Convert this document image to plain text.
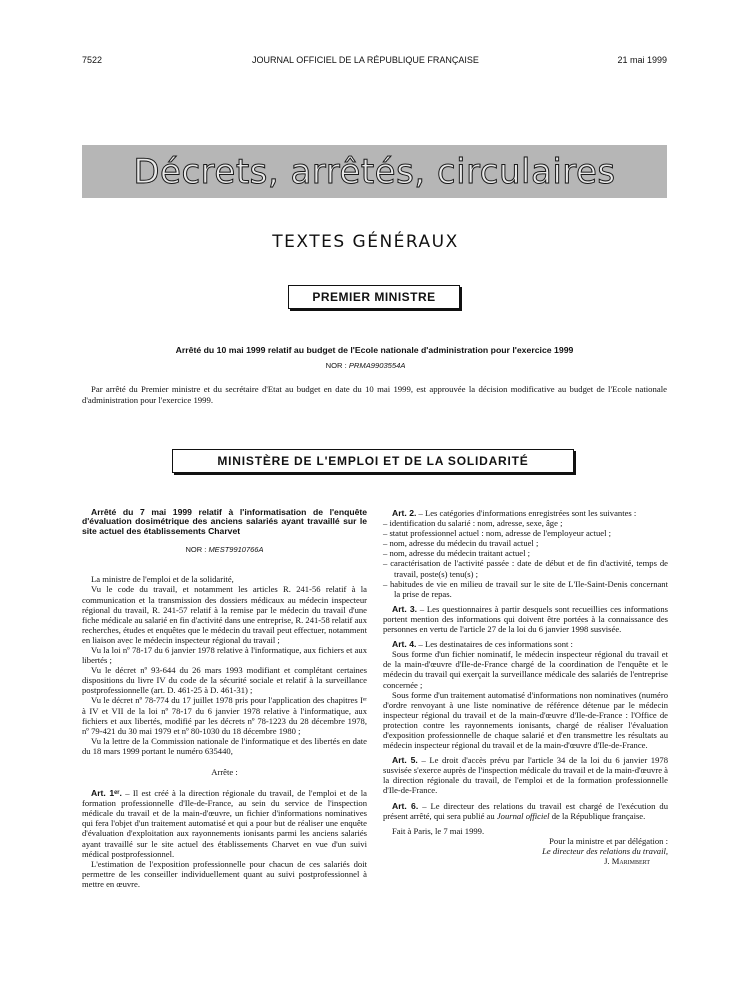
7522	JOURNAL OFFICIEL DE LA RÉPUBLIQUE FRANÇAISE	21 mai 1999
Décrets, arrêtés, circulaires
TEXTES GÉNÉRAUX
PREMIER MINISTRE
Arrêté du 10 mai 1999 relatif au budget de l'Ecole nationale d'administration pour l'exercice 1999
NOR : PRMA9903554A

Par arrêté du Premier ministre et du secrétaire d'Etat au budget en date du 10 mai 1999, est approuvée la décision modificative au budget de l'Ecole nationale d'administration pour l'exercice 1999.

MINISTÈRE DE L'EMPLOI ET DE LA SOLIDARITÉ

Arrêté du 7 mai 1999 relatif à l'informatisation de l'enquête d'évaluation dosimétrique des anciens salariés ayant travaillé sur le site actuel des établissements Charvet

NOR : MEST9910766A

La ministre de l'emploi et de la solidarité,

Vu le code du travail, et notamment les articles R. 241-56 relatif à la communication et la transmission des dossiers médicaux au médecin inspecteur régional du travail, R. 241-57 relatif à la remise par le médecin du travail d'une fiche médicale au salarié en fin d'activité dans une entreprise, R. 241-58 relatif aux recherches, études et enquêtes que le médecin du travail peut effectuer, notamment en liaison avec le médecin inspecteur régional du travail ;

Vu la loi nº 78-17 du 6 janvier 1978 relative à l'informatique, aux fichiers et aux libertés ;

Vu le décret nº 93-644 du 26 mars 1993 modifiant et complétant certaines dispositions du livre IV du code de la sécurité sociale et relatif à la surveillance postprofessionnelle (art. D. 461-25 à D. 461-31) ;

Vu le décret nº 78-774 du 17 juillet 1978 pris pour l'application des chapitres Iᵉʳ à IV et VII de la loi nº 78-17 du 6 janvier 1978 relative à l'informatique, aux fichiers et aux libertés, modifié par les décrets nº 78-1223 du 28 décembre 1978, nº 79-421 du 30 mai 1979 et nº 80-1030 du 18 décembre 1980 ;

Vu la lettre de la Commission nationale de l'informatique et des libertés en date du 18 mars 1999 portant le numéro 635440,

Arrête :

Art. 1ᵉʳ. – Il est créé à la direction régionale du travail, de l'emploi et de la formation professionnelle d'Ile-de-France, au sein du service de l'inspection médicale du travail et de la main-d'œuvre, un fichier d'informations nominatives qui fera l'objet d'un traitement automatisé et qui a pour but de réaliser une enquête d'évaluation d'exploitation aux rayonnements ionisants parmi les anciens salariés ayant travaillé sur le site actuel des établissements Charvet en vue d'un suivi médical postprofessionnel.

L'estimation de l'exposition professionnelle pour chacun de ces salariés doit permettre de les conseiller individuellement quant au suivi postprofessionnel à mettre en œuvre.

Art. 2. – Les catégories d'informations enregistrées sont les suivantes :

– identification du salarié : nom, adresse, sexe, âge ;
– statut professionnel actuel : nom, adresse de l'employeur actuel ;
– nom, adresse du médecin du travail actuel ;
– nom, adresse du médecin traitant actuel ;
– caractérisation de l'activité passée : date de début et de fin d'activité, temps de travail, poste(s) tenu(s) ;
– habitudes de vie en milieu de travail sur le site de L'Ile-Saint-Denis concernant la prise de repas.

Art. 3. – Les questionnaires à partir desquels sont recueillies ces informations portent mention des informations qui doivent être portées à la connaissance des personnes en vertu de l'article 27 de la loi du 6 janvier 1998 susvisée.

Art. 4. – Les destinataires de ces informations sont :

Sous forme d'un fichier nominatif, le médecin inspecteur régional du travail et de la main-d'œuvre d'Ile-de-France chargé de la coordination de l'enquête et le médecin du travail qui exerçait la surveillance médicale des salariés de l'entreprise concernée ;

Sous forme d'un traitement automatisé d'informations non nominatives (numéro d'ordre renvoyant à une liste nominative de référence détenue par le médecin inspecteur régional du travail et de la main-d'œuvre d'Ile-de-France : l'Office de protection contre les rayonnements ionisants, chargé de réaliser l'évaluation d'exposition professionnelle de chaque salarié et d'en transmettre les résultats au médecin inspecteur régional du travail et de la main-d'œuvre d'Ile-de-France.

Art. 5. – Le droit d'accès prévu par l'article 34 de la loi du 6 janvier 1978 susvisée s'exerce auprès de l'inspection médicale du travail et de la main-d'œuvre à la direction régionale du travail, de l'emploi et de la formation professionnelle d'Ile-de-France.

Art. 6. – Le directeur des relations du travail est chargé de l'exécution du présent arrêté, qui sera publié au Journal officiel de la République française.

Fait à Paris, le 7 mai 1999.

Pour la ministre et par délégation :

Le directeur des relations du travail,

J. Marimbert
